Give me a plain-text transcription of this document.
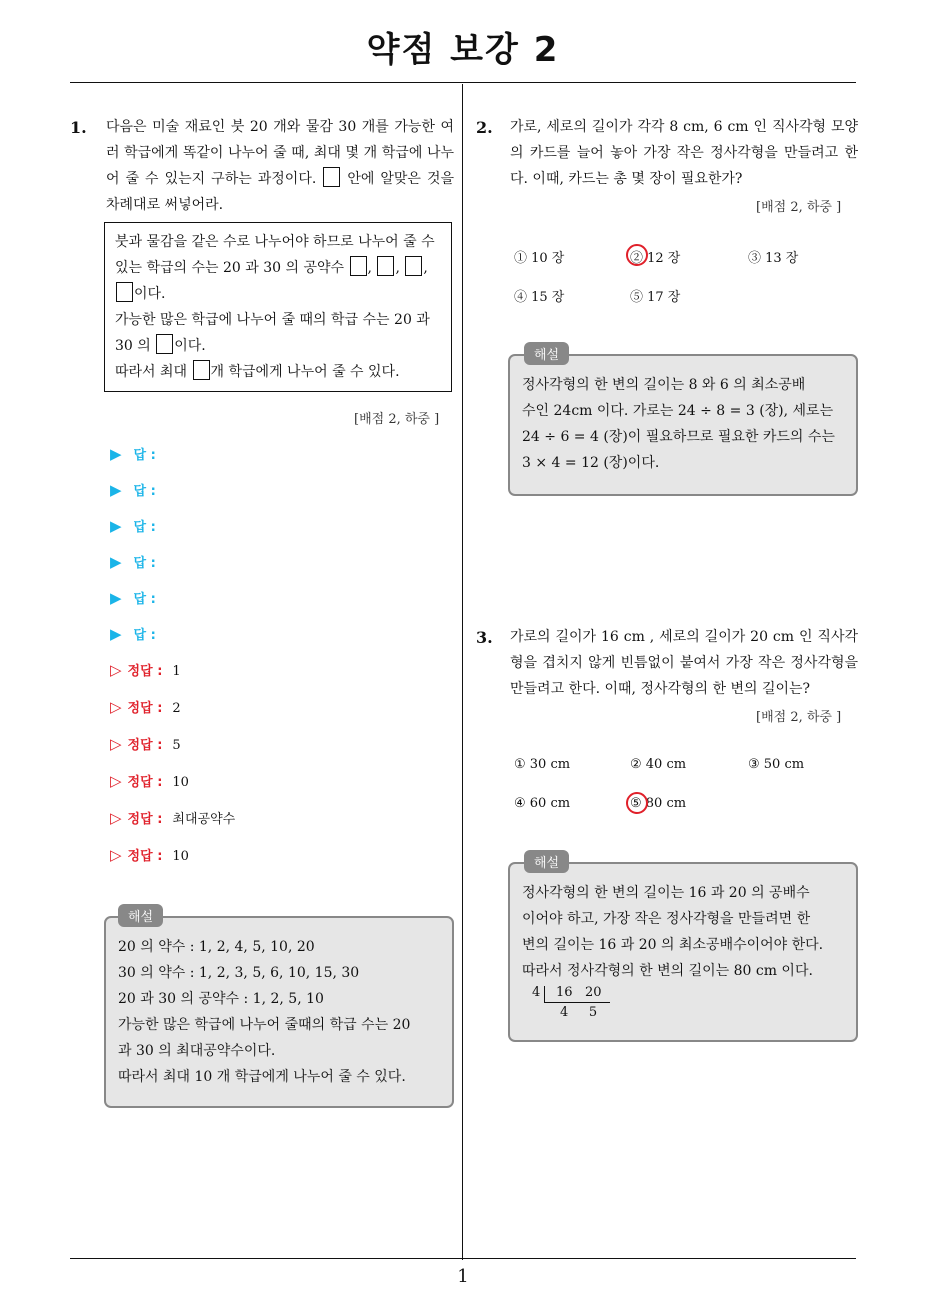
약점 보강 2
1
1. 다음은 미술 재료인 붓 20 개와 물감 30 개를 가능한 여러 학급에게 똑같이 나누어 줄 때, 최대 몇 개 학급에 나누어 줄 수 있는지 구하는 과정이다. 안에 알맞은 것을 차례대로 써넣어라.
붓과 물감을 같은 수로 나누어야 하므로 나누어 줄 수 있는 학급의 수는 20 과 30 의 공약수 , , , 이다.
가능한 많은 학급에 나누어 줄 때의 학급 수는 20 과 30 의 이다.
따라서 최대 개 학급에게 나누어 줄 수 있다.
[배점 2, 하중 ]
▶ 답 :
▶ 답 :
▶ 답 :
▶ 답 :
▶ 답 :
▶ 답 :
▷ 정답 : 1
▷ 정답 : 2
▷ 정답 : 5
▷ 정답 : 10
▷ 정답 : 최대공약수
▷ 정답 : 10
20 의 약수 : 1, 2, 4, 5, 10, 20
30 의 약수 : 1, 2, 3, 5, 6, 10, 15, 30
20 과 30 의 공약수 : 1, 2, 5, 10
가능한 많은 학급에 나누어 줄때의 학급 수는 20
과 30 의 최대공약수이다.
따라서 최대 10 개 학급에게 나누어 줄 수 있다.
해설
2. 가로, 세로의 길이가 각각 8 cm, 6 cm 인 직사각형 모양의 카드를 늘어 놓아 가장 작은 정사각형을 만들려고 한다. 이때, 카드는 총 몇 장이 필요한가?
[배점 2, 하중 ]
① 10 장	② 12 장	③ 13 장
④ 15 장	⑤ 17 장
정사각형의 한 변의 길이는 8 와 6 의 최소공배
수인 24cm 이다. 가로는 24 ÷ 8 = 3 (장), 세로는
24 ÷ 6 = 4 (장)이 필요하므로 필요한 카드의 수는
3 × 4 = 12 (장)이다.
해설
3. 가로의 길이가 16 cm , 세로의 길이가 20 cm 인 직사각형을 겹치지 않게 빈틈없이 붙여서 가장 작은 정사각형을 만들려고 한다. 이때, 정사각형의 한 변의 길이는?
[배점 2, 하중 ]
① 30 cm	② 40 cm	③ 50 cm
④ 60 cm	⑤ 80 cm
정사각형의 한 변의 길이는 16 과 20 의 공배수
이어야 하고, 가장 작은 정사각형을 만들려면 한
변의 길이는 16 과 20 의 최소공배수이어야 한다.
따라서 정사각형의 한 변의 길이는 80 cm 이다.
4 16   20
4     5
해설
